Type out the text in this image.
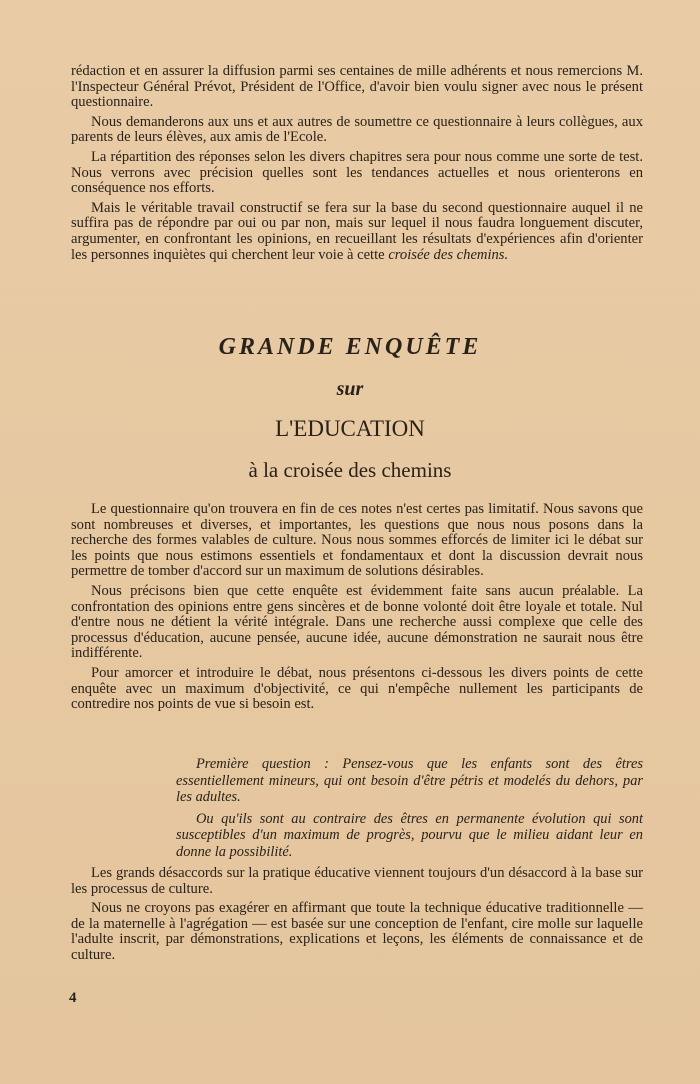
rédaction et en assurer la diffusion parmi ses centaines de mille adhérents et nous remercions M. l'Inspecteur Général Prévot, Président de l'Office, d'avoir bien voulu signer avec nous le présent questionnaire.

Nous demanderons aux uns et aux autres de soumettre ce questionnaire à leurs collègues, aux parents de leurs élèves, aux amis de l'Ecole.

La répartition des réponses selon les divers chapitres sera pour nous comme une sorte de test. Nous verrons avec précision quelles sont les tendances actuelles et nous orienterons en conséquence nos efforts.

Mais le véritable travail constructif se fera sur la base du second questionnaire auquel il ne suffira pas de répondre par oui ou par non, mais sur lequel il nous faudra longuement discuter, argumenter, en confrontant les opinions, en recueillant les résultats d'expériences afin d'orienter les personnes inquiètes qui cherchent leur voie à cette croisée des chemins.

GRANDE ENQUÊTE
sur
L'EDUCATION
à la croisée des chemins

Le questionnaire qu'on trouvera en fin de ces notes n'est certes pas limitatif. Nous savons que sont nombreuses et diverses, et importantes, les questions que nous nous posons dans la recherche des formes valables de culture. Nous nous sommes efforcés de limiter ici le débat sur les points que nous estimons essentiels et fondamentaux et dont la discussion devrait nous permettre de tomber d'accord sur un maximum de solutions désirables.

Nous précisons bien que cette enquête est évidemment faite sans aucun préalable. La confrontation des opinions entre gens sincères et de bonne volonté doit être loyale et totale. Nul d'entre nous ne détient la vérité intégrale. Dans une recherche aussi complexe que celle des processus d'éducation, aucune pensée, aucune idée, aucune démonstration ne saurait nous être indifférente.

Pour amorcer et introduire le débat, nous présentons ci-dessous les divers points de cette enquête avec un maximum d'objectivité, ce qui n'empêche nullement les participants de contredire nos points de vue si besoin est.

Première question : Pensez-vous que les enfants sont des êtres essentiellement mineurs, qui ont besoin d'être pétris et modelés du dehors, par les adultes.

Ou qu'ils sont au contraire des êtres en permanente évolution qui sont susceptibles d'un maximum de progrès, pourvu que le milieu aidant leur en donne la possibilité.

Les grands désaccords sur la pratique éducative viennent toujours d'un désaccord à la base sur les processus de culture.

Nous ne croyons pas exagérer en affirmant que toute la technique éducative traditionnelle — de la maternelle à l'agrégation — est basée sur une conception de l'enfant, cire molle sur laquelle l'adulte inscrit, par démonstrations, explications et leçons, les éléments de connaissance et de culture.

4
